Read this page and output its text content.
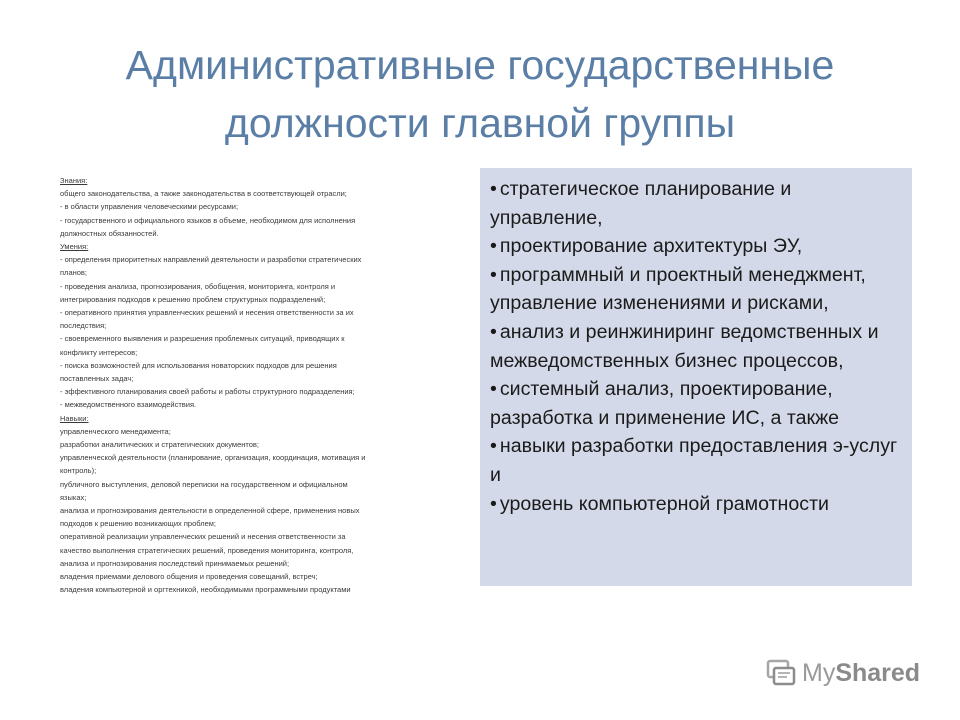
Административные государственные
должности главной группы
Знания:
общего законодательства, а также законодательства в соответствующей отрасли;
- в области управления человеческими ресурсами;
- государственного и официального языков в объеме, необходимом для исполнения
должностных обязанностей.
Умения:
- определения приоритетных направлений деятельности и разработки стратегических
планов;
- проведения анализа, прогнозирования, обобщения, мониторинга, контроля и
интегрирования подходов к решению проблем структурных подразделений;
- оперативного принятия управленческих решений и несения ответственности за их
последствия;
- своевременного выявления и разрешения проблемных ситуаций, приводящих к
конфликту интересов;
- поиска возможностей для использования новаторских подходов для решения
поставленных задач;
- эффективного планирования своей работы и работы структурного подразделения;
- межведомственного взаимодействия.
Навыки:
управленческого менеджмента;
разработки аналитических и стратегических документов;
управленческой деятельности (планирование, организация, координация, мотивация и
контроль);
публичного выступления, деловой переписки на государственном и официальном
языках;
анализа и прогнозирования деятельности в определенной сфере, применения новых
подходов к решению возникающих проблем;
оперативной реализации управленческих решений и несения ответственности за
качество выполнения стратегических решений, проведения мониторинга, контроля,
анализа и прогнозирования последствий принимаемых решений;
владения приемами делового общения и проведения совещаний, встреч;
владения компьютерной и оргтехникой, необходимыми программными продуктами
• стратегическое планирование и управление,
• проектирование архитектуры ЭУ,
• программный и проектный менеджмент, управление изменениями и рисками,
• анализ и реинжиниринг ведомственных и межведомственных бизнес процессов,
• системный анализ, проектирование, разработка и применение ИС, а также
• навыки разработки предоставления э-услуг и
• уровень компьютерной грамотности
MyShared
